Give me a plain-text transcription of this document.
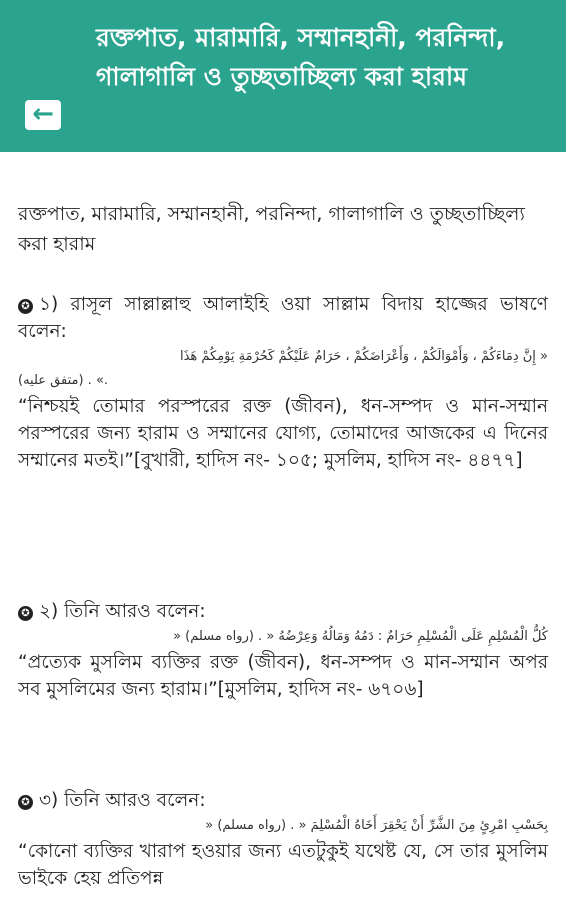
←
রক্তপাত, মারামারি, সম্মানহানী, পরনিন্দা, গালাগালি ও তুচ্ছতাচ্ছিল্য করা হারাম
রক্তপাত, মারামারি, সম্মানহানী, পরনিন্দা, গালাগালি ও তুচ্ছতাচ্ছিল্য করা হারাম
✪ ১) রাসূল সাল্লাল্লাহু আলাইহি ওয়া সাল্লাম বিদায় হাজ্জের ভাষণে বলেন:
« إِنَّ دِمَاءَكُمْ ، وَأَمْوَالَكُمْ ، وَأَعْرَاضَكُمْ ، حَرَامٌ عَلَيْكُمْ كَحُرْمَةِ يَوْمِكُمْ هَذَا
(متفق عليه) . «.
“নিশ্চয়ই তোমার পরস্পরের রক্ত (জীবন), ধন-সম্পদ ও মান-সম্মান পরস্পরের জন্য হারাম ও সম্মানের যোগ্য, তোমাদের আজকের এ দিনের সম্মানের মতই।”[বুখারী, হাদিস নং- ১০৫; মুসলিম, হাদিস নং- ৪৪৭৭]
✪ ২) তিনি আরও বলেন:
كُلُّ الْمُسْلِمِ عَلَى الْمُسْلِمِ حَرَامٌ : دَمُهُ وَمَالُهُ وَعِرْضُهُ « . (رواه مسلم) «
“প্রত্যেক মুসলিম ব্যক্তির রক্ত (জীবন), ধন-সম্পদ ও মান-সম্মান অপর সব মুসলিমের জন্য হারাম।”[মুসলিম, হাদিস নং- ৬৭০৬]
✪ ৩) তিনি আরও বলেন:
بِحَسْبِ امْرِئٍ مِنَ الشَّرِّ أَنْ يَحْقِرَ أَخَاهُ الْمُسْلِمَ « . (رواه مسلم) «
“কোনো ব্যক্তির খারাপ হওয়ার জন্য এতটুকুই যথেষ্ট যে, সে তার মুসলিম ভাইকে হেয় প্রতিপন্ন
